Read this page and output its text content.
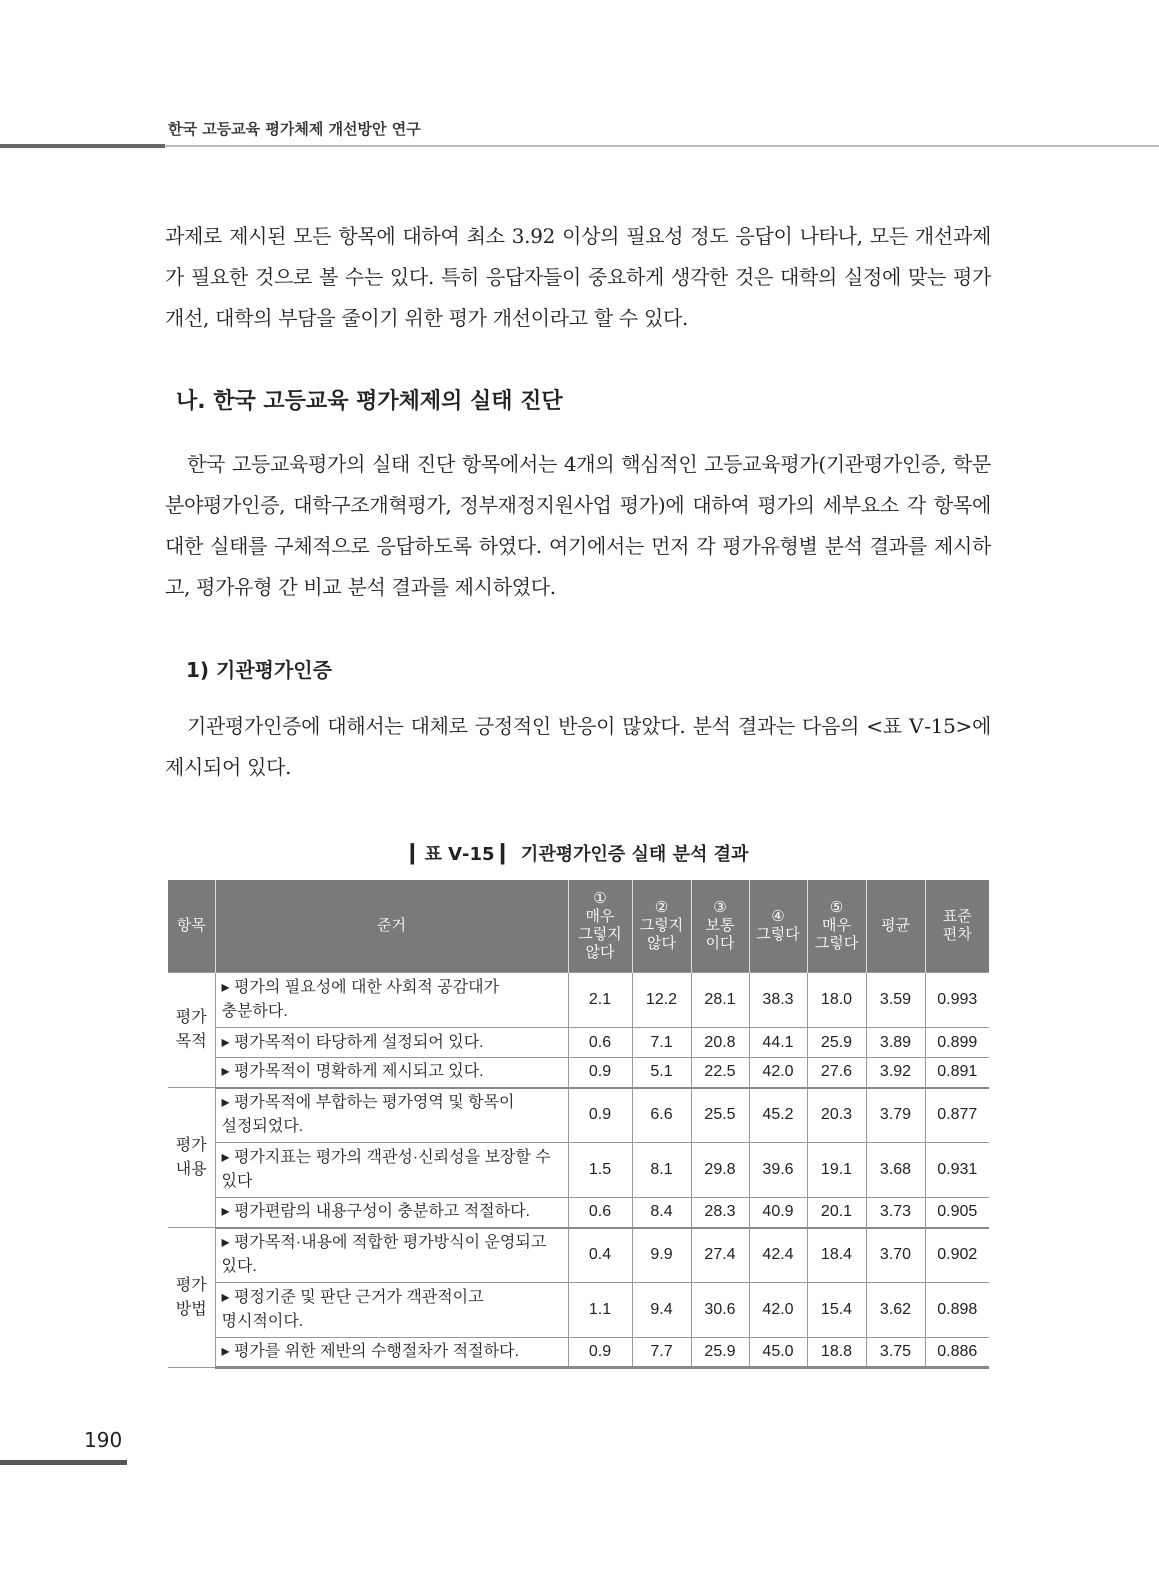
한국 고등교육 평가체제 개선방안 연구

과제로 제시된 모든 항목에 대하여 최소 3.92 이상의 필요성 정도 응답이 나타나, 모든 개선과제가 필요한 것으로 볼 수는 있다. 특히 응답자들이 중요하게 생각한 것은 대학의 실정에 맞는 평가 개선, 대학의 부담을 줄이기 위한 평가 개선이라고 할 수 있다.

나. 한국 고등교육 평가체제의 실태 진단

한국 고등교육평가의 실태 진단 항목에서는 4개의 핵심적인 고등교육평가(기관평가인증, 학문분야평가인증, 대학구조개혁평가, 정부재정지원사업 평가)에 대하여 평가의 세부요소 각 항목에 대한 실태를 구체적으로 응답하도록 하였다. 여기에서는 먼저 각 평가유형별 분석 결과를 제시하고, 평가유형 간 비교 분석 결과를 제시하였다.

1) 기관평가인증

기관평가인증에 대해서는 대체로 긍정적인 반응이 많았다. 분석 결과는 다음의 <표 Ⅴ-15>에 제시되어 있다.

▎표 Ⅴ-15 ▎ 기관평가인증 실태 분석 결과
항목	준거	①
매우
그렇지
않다	②
그렇지
않다	③
보통
이다	④
그렇다	⑤
매우
그렇다	평균	표준
편차
평가
목적	▸ 평가의 필요성에 대한 사회적 공감대가
충분하다.	2.1	12.2	28.1	38.3	18.0	3.59	0.993
	▸ 평가목적이 타당하게 설정되어 있다.	0.6	7.1	20.8	44.1	25.9	3.89	0.899
	▸ 평가목적이 명확하게 제시되고 있다.	0.9	5.1	22.5	42.0	27.6	3.92	0.891
평가
내용	▸ 평가목적에 부합하는 평가영역 및 항목이
설정되었다.	0.9	6.6	25.5	45.2	20.3	3.79	0.877
	▸ 평가지표는 평가의 객관성·신뢰성을 보장할 수
있다	1.5	8.1	29.8	39.6	19.1	3.68	0.931
	▸ 평가편람의 내용구성이 충분하고 적절하다.	0.6	8.4	28.3	40.9	20.1	3.73	0.905
평가
방법	▸ 평가목적·내용에 적합한 평가방식이 운영되고
있다.	0.4	9.9	27.4	42.4	18.4	3.70	0.902
	▸ 평정기준 및 판단 근거가 객관적이고
명시적이다.	1.1	9.4	30.6	42.0	15.4	3.62	0.898
	▸ 평가를 위한 제반의 수행절차가 적절하다.	0.9	7.7	25.9	45.0	18.8	3.75	0.886
190
